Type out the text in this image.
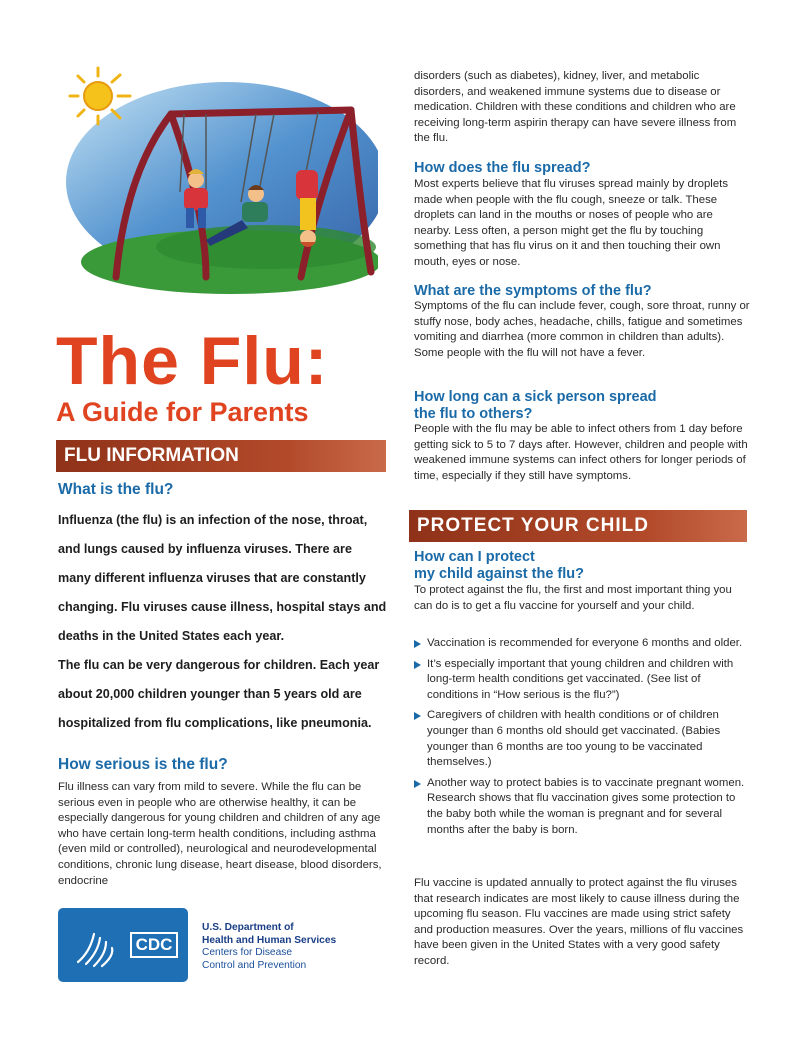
The Flu:
A Guide for Parents
FLU INFORMATION
What is the flu?
Influenza (the flu) is an infection of the nose, throat,
and lungs caused by influenza viruses. There are
many different influenza viruses that are constantly
changing. Flu viruses cause illness, hospital stays and
deaths in the United States each year.
The flu can be very dangerous for children. Each year
about 20,000 children younger than 5 years old are
hospitalized from flu complications, like pneumonia.
How serious is the flu?
Flu illness can vary from mild to severe. While the flu can be serious even in people who are otherwise healthy, it can be especially dangerous for young children and children of any age who have certain long-term health conditions, including asthma (even mild or controlled), neurological and neurodevelopmental conditions, chronic lung disease, heart disease, blood disorders, endocrine
CDC
U.S. Department of
Health and Human Services
Centers for Disease
Control and Prevention
disorders (such as diabetes), kidney, liver, and metabolic disorders, and weakened immune systems due to disease or medication. Children with these conditions and children who are receiving long-term aspirin therapy can have severe illness from the flu.
How does the flu spread?
Most experts believe that flu viruses spread mainly by droplets made when people with the flu cough, sneeze or talk. These droplets can land in the mouths or noses of people who are nearby. Less often, a person might get the flu by touching something that has flu virus on it and then touching their own mouth, eyes or nose.
What are the symptoms of the flu?
Symptoms of the flu can include fever, cough, sore throat, runny or stuffy nose, body aches, headache, chills, fatigue and sometimes vomiting and diarrhea (more common in children than adults). Some people with the flu will not have a fever.
How long can a sick person spread
the flu to others?
People with the flu may be able to infect others from 1 day before getting sick to 5 to 7 days after. However, children and people with weakened immune systems can infect others for longer periods of time, especially if they still have symptoms.
PROTECT YOUR CHILD
How can I protect
my child against the flu?
To protect against the flu, the first and most important thing you can do is to get a flu vaccine for yourself and your child.
Vaccination is recommended for everyone 6 months and older.
It’s especially important that young children and children with long-term health conditions get vaccinated. (See list of conditions in “How serious is the flu?”)
Caregivers of children with health conditions or of children younger than 6 months old should get vaccinated. (Babies younger than 6 months are too young to be vaccinated themselves.)
Another way to protect babies is to vaccinate pregnant women. Research shows that flu vaccination gives some protection to the baby both while the woman is pregnant and for several months after the baby is born.
Flu vaccine is updated annually to protect against the flu viruses that research indicates are most likely to cause illness during the upcoming flu season. Flu vaccines are made using strict safety and production measures. Over the years, millions of flu vaccines have been given in the United States with a very good safety record.
